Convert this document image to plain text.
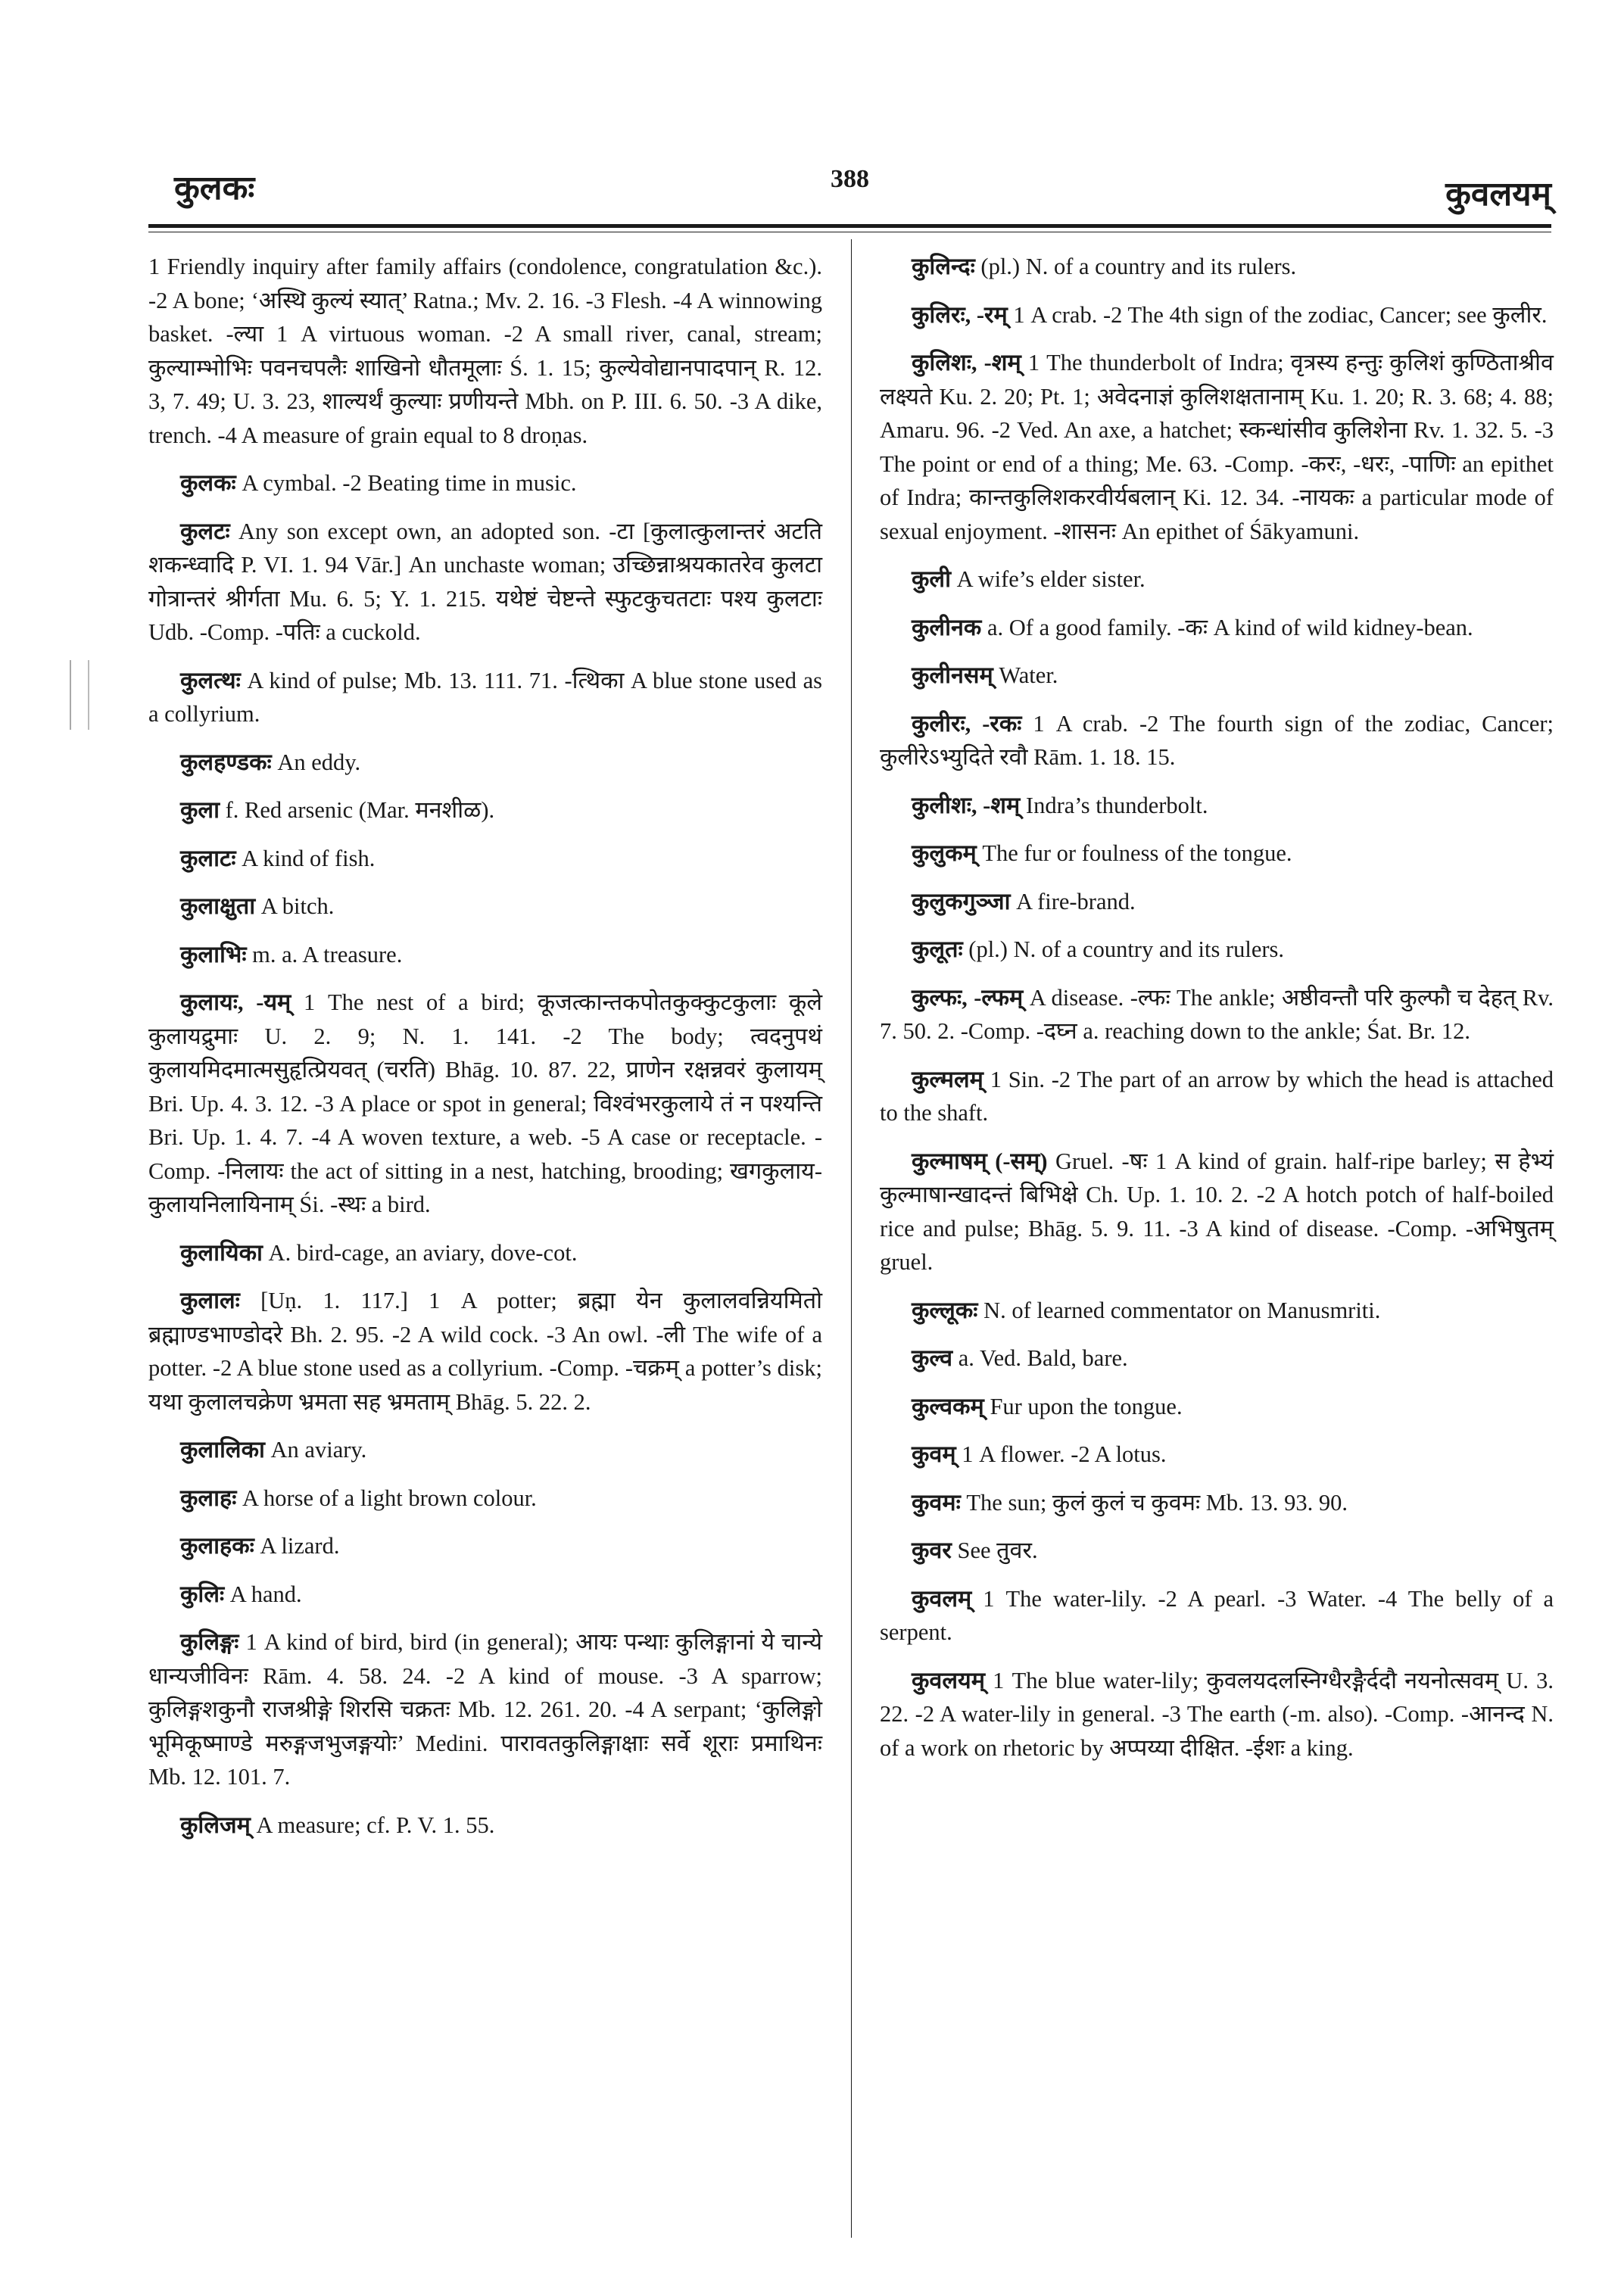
कुलकः	388	कुवलयम्

1 Friendly inquiry after family affairs (condolence, congratulation &c.). -2 A bone; ‘अस्थि कुल्यं स्यात्’ Ratna.; Mv. 2. 16. -3 Flesh. -4 A winnowing basket. -ल्या 1 A virtuous woman. -2 A small river, canal, stream; कुल्याम्भोभिः पवनचपलैः शाखिनो धौतमूलाः Ś. 1. 15; कुल्येवोद्यानपादपान् R. 12. 3, 7. 49; U. 3. 23, शाल्यर्थं कुल्याः प्रणीयन्ते Mbh. on P. III. 6. 50. -3 A dike, trench. -4 A measure of grain equal to 8 droṇas.

कुलकः A cymbal. -2 Beating time in music.

कुलटः Any son except own, an adopted son. -टा [कुलात्कुलान्तरं अटति शकन्ध्वादि P. VI. 1. 94 Vār.] An unchaste woman; उच्छिन्नाश्रयकातरेव कुलटा गोत्रान्तरं श्रीर्गता Mu. 6. 5; Y. 1. 215. यथेष्टं चेष्टन्ते स्फुटकुचतटाः पश्य कुलटाः Udb. -Comp. -पतिः a cuckold.

कुलत्थः A kind of pulse; Mb. 13. 111. 71. -त्थिका A blue stone used as a collyrium.

कुलहण्डकः An eddy.

कुला f. Red arsenic (Mar. मनशीळ).

कुलाटः A kind of fish.

कुलाक्षुता A bitch.

कुलाभिः m. a. A treasure.

कुलायः, -यम् 1 The nest of a bird; कूजत्कान्तकपोतकुक्कुटकुलाः कूले कुलायद्रुमाः U. 2. 9; N. 1. 141. -2 The body; त्वदनुपथं कुलायमिदमात्मसुहृत्प्रियवत् (चरति) Bhāg. 10. 87. 22, प्राणेन रक्षन्नवरं कुलायम् Bri. Up. 4. 3. 12. -3 A place or spot in general; विश्वंभरकुलाये तं न पश्यन्ति Bri. Up. 1. 4. 7. -4 A woven texture, a web. -5 A case or receptacle. -Comp. -निलायः the act of sitting in a nest, hatching, brooding; खगकुलाय-कुलायनिलायिनाम् Śi. -स्थः a bird.

कुलायिका A. bird-cage, an aviary, dove-cot.

कुलालः [Uṇ. 1. 117.] 1 A potter; ब्रह्मा येन कुलालवन्नियमितो ब्रह्माण्डभाण्डोदरे Bh. 2. 95. -2 A wild cock. -3 An owl. -ली The wife of a potter. -2 A blue stone used as a collyrium. -Comp. -चक्रम् a potter’s disk; यथा कुलालचक्रेण भ्रमता सह भ्रमताम् Bhāg. 5. 22. 2.

कुलालिका An aviary.

कुलाहः A horse of a light brown colour.

कुलाहकः A lizard.

कुलिः A hand.

कुलिङ्गः 1 A kind of bird, bird (in general); आयः पन्थाः कुलिङ्गानां ये चान्ये धान्यजीविनः Rām. 4. 58. 24. -2 A kind of mouse. -3 A sparrow; कुलिङ्गशकुनौ राजश्रीङ्गे शिरसि चक्रतः Mb. 12. 261. 20. -4 A serpant; ‘कुलिङ्गो भूमिकूष्माण्डे मरुङ्गजभुजङ्गयोः’ Medini. पारावतकुलिङ्गाक्षाः सर्वे शूराः प्रमाथिनः Mb. 12. 101. 7.

कुलिजम् A measure; cf. P. V. 1. 55.

कुलिन्दः (pl.) N. of a country and its rulers.

कुलिरः, -रम् 1 A crab. -2 The 4th sign of the zodiac, Cancer; see कुलीर.

कुलिशः, -शम् 1 The thunderbolt of Indra; वृत्रस्य हन्तुः कुलिशं कुण्ठिताश्रीव लक्ष्यते Ku. 2. 20; Pt. 1; अवेदनाज्ञं कुलिशक्षतानाम् Ku. 1. 20; R. 3. 68; 4. 88; Amaru. 96. -2 Ved. An axe, a hatchet; स्कन्धांसीव कुलिशेना Rv. 1. 32. 5. -3 The point or end of a thing; Me. 63. -Comp. -करः, -धरः, -पाणिः an epithet of Indra; कान्तकुलिशकरवीर्यबलान् Ki. 12. 34. -नायकः a particular mode of sexual enjoyment. -शासनः An epithet of Śākyamuni.

कुली A wife’s elder sister.

कुलीनक a. Of a good family. -कः A kind of wild kidney-bean.

कुलीनसम् Water.

कुलीरः, -रकः 1 A crab. -2 The fourth sign of the zodiac, Cancer; कुलीरेऽभ्युदिते रवौ Rām. 1. 18. 15.

कुलीशः, -शम् Indra’s thunderbolt.

कुलुकम् The fur or foulness of the tongue.

कुलुकगुञ्जा A fire-brand.

कुलूतः (pl.) N. of a country and its rulers.

कुल्फः, -ल्फम् A disease. -ल्फः The ankle; अष्ठीवन्तौ परि कुल्फौ च देहत् Rv. 7. 50. 2. -Comp. -दघ्न a. reaching down to the ankle; Śat. Br. 12.

कुल्मलम् 1 Sin. -2 The part of an arrow by which the head is attached to the shaft.

कुल्माषम् (-सम्) Gruel. -षः 1 A kind of grain. half-ripe barley; स हेभ्यं कुल्माषान्खादन्तं बिभिक्षे Ch. Up. 1. 10. 2. -2 A hotch potch of half-boiled rice and pulse; Bhāg. 5. 9. 11. -3 A kind of disease. -Comp. -अभिषुतम् gruel.

कुल्लूकः N. of learned commentator on Manusmriti.

कुल्व a. Ved. Bald, bare.

कुल्वकम् Fur upon the tongue.

कुवम् 1 A flower. -2 A lotus.

कुवमः The sun; कुलं कुलं च कुवमः Mb. 13. 93. 90.

कुवर See तुवर.

कुवलम् 1 The water-lily. -2 A pearl. -3 Water. -4 The belly of a serpent.

कुवलयम् 1 The blue water-lily; कुवलयदलस्निग्धैरङ्गैर्ददौ नयनोत्सवम् U. 3. 22. -2 A water-lily in general. -3 The earth (-m. also). -Comp. -आनन्द N. of a work on rhetoric by अप्पय्या दीक्षित. -ईशः a king.
